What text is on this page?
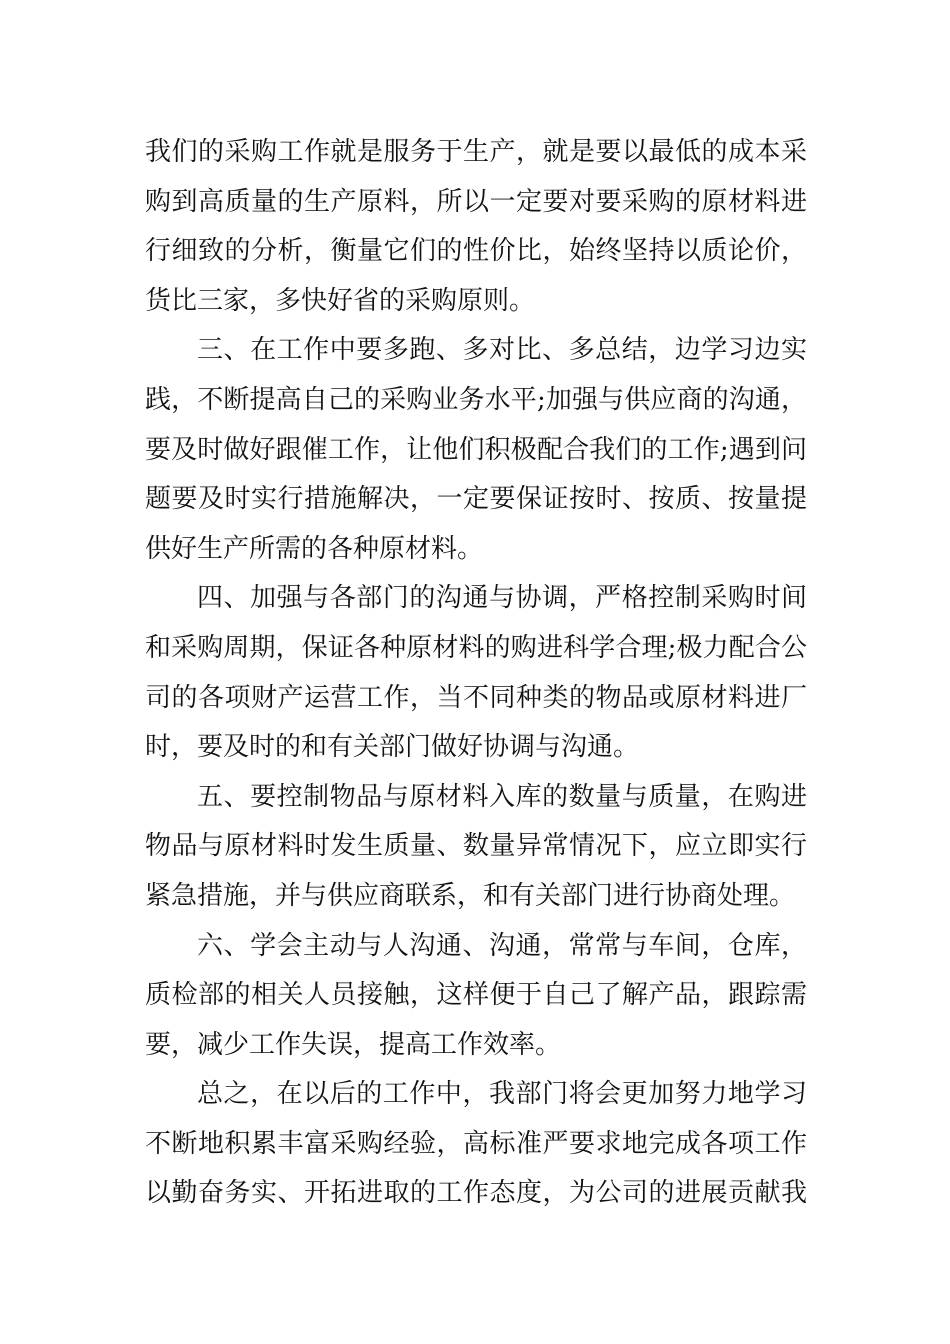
我们的采购工作就是服务于生产，就是要以最低的成本采
购到高质量的生产原料，所以一定要对要采购的原材料进
行细致的分析，衡量它们的性价比，始终坚持以质论价，
货比三家，多快好省的采购原则。
三、在工作中要多跑、多对比、多总结，边学习边实
践，不断提高自己的采购业务水平;加强与供应商的沟通，
要及时做好跟催工作，让他们积极配合我们的工作;遇到问
题要及时实行措施解决，一定要保证按时、按质、按量提
供好生产所需的各种原材料。
四、加强与各部门的沟通与协调，严格控制采购时间
和采购周期，保证各种原材料的购进科学合理;极力配合公
司的各项财产运营工作，当不同种类的物品或原材料进厂
时，要及时的和有关部门做好协调与沟通。
五、要控制物品与原材料入库的数量与质量，在购进
物品与原材料时发生质量、数量异常情况下，应立即实行
紧急措施，并与供应商联系，和有关部门进行协商处理。
六、学会主动与人沟通、沟通，常常与车间，仓库，
质检部的相关人员接触，这样便于自己了解产品，跟踪需
要，减少工作失误，提高工作效率。
总之，在以后的工作中，我部门将会更加努力地学习
不断地积累丰富采购经验，高标准严要求地完成各项工作
以勤奋务实、开拓进取的工作态度，为公司的进展贡献我
